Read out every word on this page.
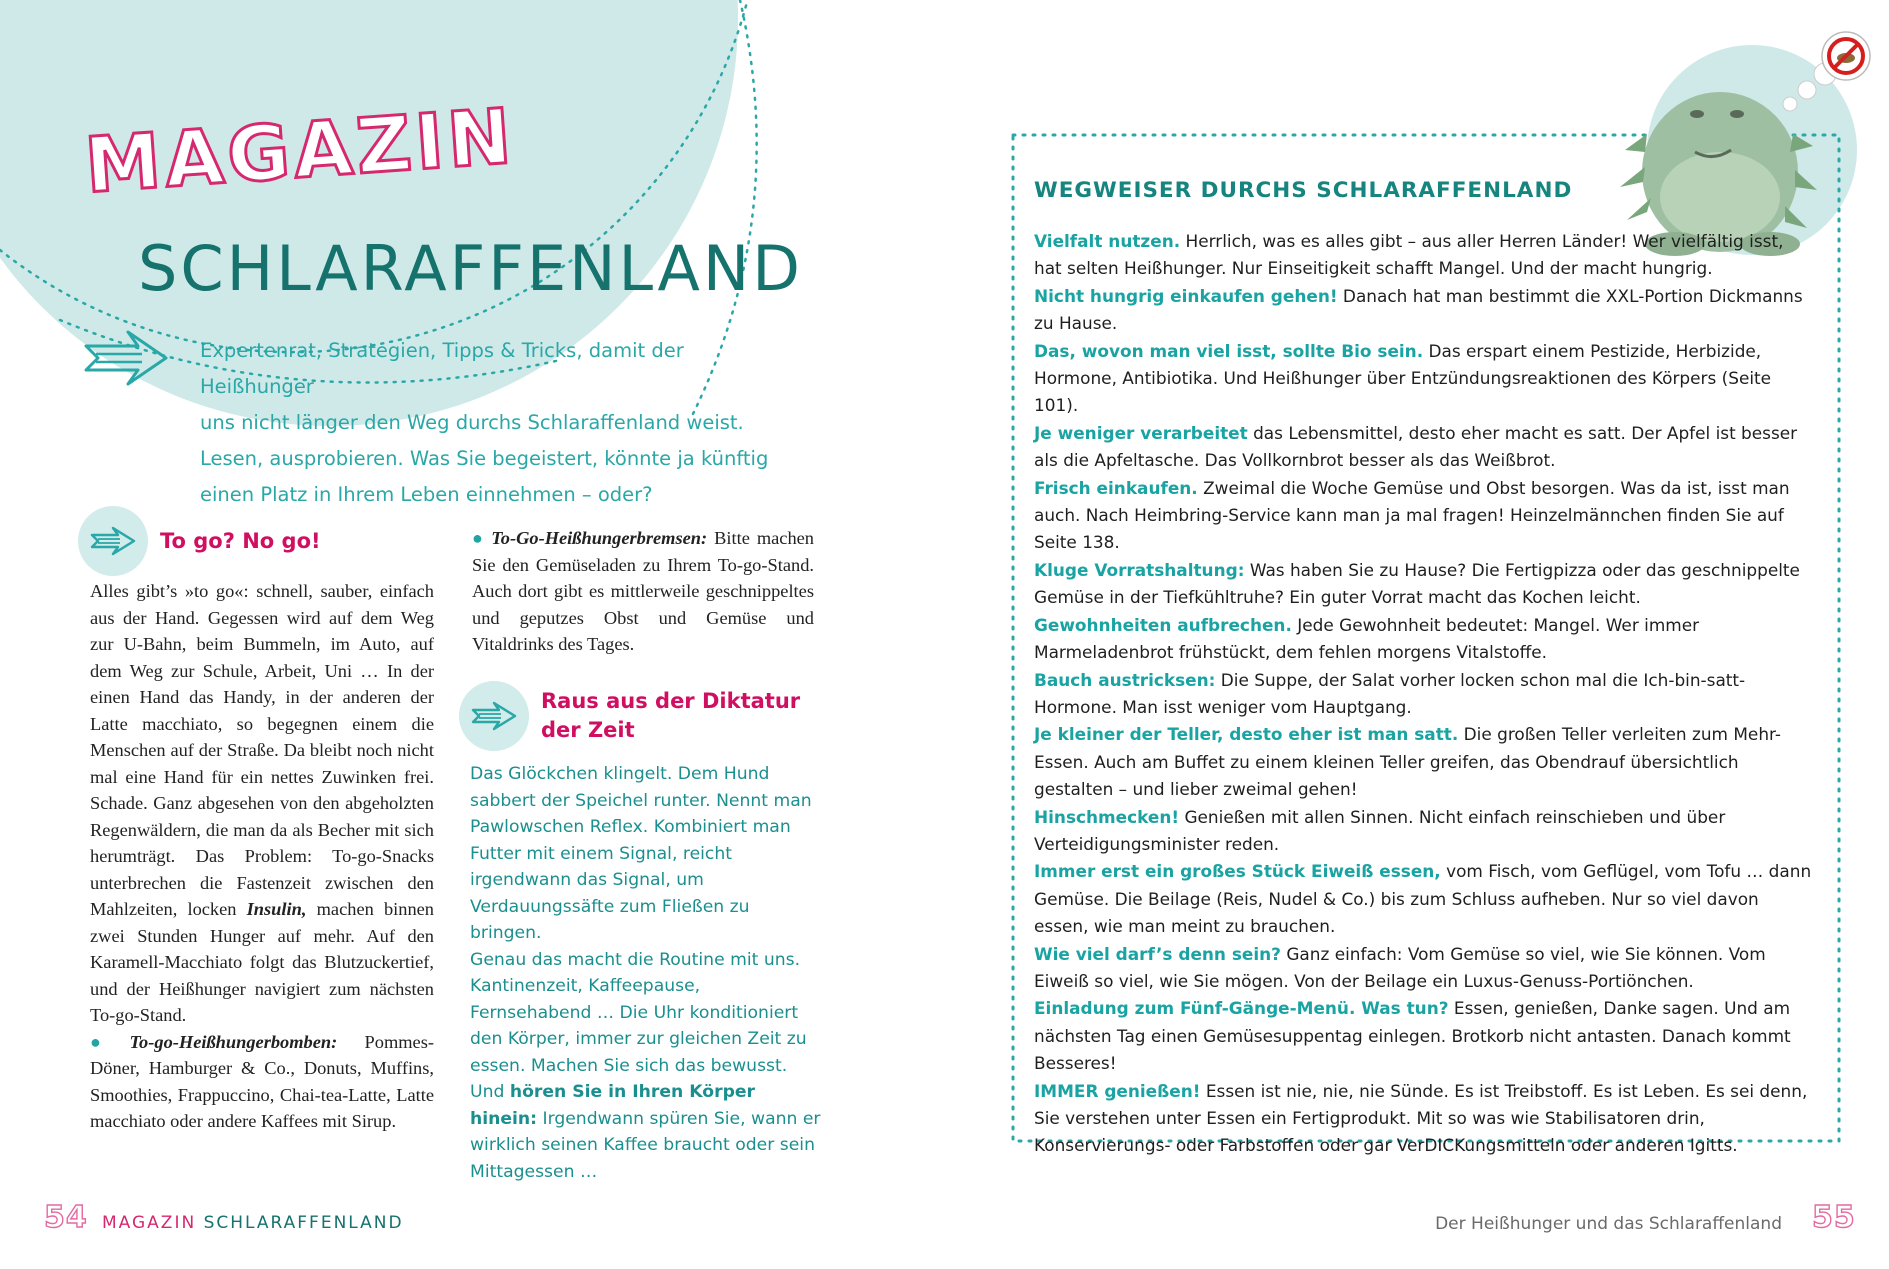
MAGAZIN
SCHLARAFFENLAND
Expertenrat, Strategien, Tipps & Tricks, damit der Heißhunger
uns nicht länger den Weg durchs Schlaraffenland weist.
Lesen, ausprobieren. Was Sie begeistert, könnte ja künftig
einen Platz in Ihrem Leben einnehmen – oder?
To go? No go!

Alles gibt’s »to go«: schnell, sauber, einfach aus der Hand. Gegessen wird auf dem Weg zur U-Bahn, beim Bummeln, im Auto, auf dem Weg zur Schule, Arbeit, Uni … In der einen Hand das Handy, in der anderen der Latte macchiato, so begegnen einem die Menschen auf der Straße. Da bleibt noch nicht mal eine Hand für ein nettes Zuwinken frei. Schade. Ganz abgesehen von den abgeholzten Regenwäldern, die man da als Becher mit sich herumträgt. Das Problem: To-go-Snacks unterbrechen die Fastenzeit zwischen den Mahlzeiten, locken Insulin, machen binnen zwei Stunden Hunger auf mehr. Auf den Karamell-Macchiato folgt das Blutzuckertief, und der Heißhunger navigiert zum nächsten To-go-Stand.

● To-go-Heißhungerbomben: Pommes-Döner, Hamburger & Co., Donuts, Muffins, Smoothies, Frappuccino, Chai-tea-Latte, Latte macchiato oder andere Kaffees mit Sirup.

● To-Go-Heißhungerbremsen: Bitte machen Sie den Gemüseladen zu Ihrem To-go-Stand. Auch dort gibt es mittlerweile geschnippeltes und geputzes Obst und Gemüse und Vitaldrinks des Tages.

Raus aus der Diktatur
der Zeit
Das Glöckchen klingelt. Dem Hund sabbert der Speichel runter. Nennt man Pawlowschen Reflex. Kombiniert man Futter mit einem Signal, reicht irgendwann das Signal, um Verdauungssäfte zum Fließen zu bringen.
Genau das macht die Routine mit uns. Kantinenzeit, Kaffeepause, Fernsehabend … Die Uhr konditioniert den Körper, immer zur gleichen Zeit zu essen. Machen Sie sich das bewusst.
Und hören Sie in Ihren Körper hinein: Irgendwann spüren Sie, wann er wirklich seinen Kaffee braucht oder sein Mittagessen …
WEGWEISER DURCHS SCHLARAFFENLAND

Vielfalt nutzen. Herrlich, was es alles gibt – aus aller Herren Länder! Wer vielfältig isst, hat selten Heißhunger. Nur Einseitigkeit schafft Mangel. Und der macht hungrig.

Nicht hungrig einkaufen gehen! Danach hat man bestimmt die XXL-Portion Dickmanns zu Hause.

Das, wovon man viel isst, sollte Bio sein. Das erspart einem Pestizide, Herbizide, Hormone, Antibiotika. Und Heißhunger über Entzündungsreaktionen des Körpers (Seite 101).

Je weniger verarbeitet das Lebensmittel, desto eher macht es satt. Der Apfel ist besser als die Apfeltasche. Das Vollkornbrot besser als das Weißbrot.

Frisch einkaufen. Zweimal die Woche Gemüse und Obst besorgen. Was da ist, isst man auch. Nach Heimbring-Service kann man ja mal fragen! Heinzelmännchen finden Sie auf Seite 138.

Kluge Vorratshaltung: Was haben Sie zu Hause? Die Fertigpizza oder das geschnippelte Gemüse in der Tiefkühltruhe? Ein guter Vorrat macht das Kochen leicht.

Gewohnheiten aufbrechen. Jede Gewohnheit bedeutet: Mangel. Wer immer Marmeladenbrot frühstückt, dem fehlen morgens Vitalstoffe.

Bauch austricksen: Die Suppe, der Salat vorher locken schon mal die Ich-bin-satt-Hormone. Man isst weniger vom Hauptgang.

Je kleiner der Teller, desto eher ist man satt. Die großen Teller verleiten zum Mehr-Essen. Auch am Buffet zu einem kleinen Teller greifen, das Obendrauf übersichtlich gestalten – und lieber zweimal gehen!

Hinschmecken! Genießen mit allen Sinnen. Nicht einfach reinschieben und über Verteidigungsminister reden.

Immer erst ein großes Stück Eiweiß essen, vom Fisch, vom Geflügel, vom Tofu … dann Gemüse. Die Beilage (Reis, Nudel & Co.) bis zum Schluss aufheben. Nur so viel davon essen, wie man meint zu brauchen.

Wie viel darf’s denn sein? Ganz einfach: Vom Gemüse so viel, wie Sie können. Vom Eiweiß so viel, wie Sie mögen. Von der Beilage ein Luxus-Genuss-Portiönchen.

Einladung zum Fünf-Gänge-Menü. Was tun? Essen, genießen, Danke sagen. Und am nächsten Tag einen Gemüsesuppentag einlegen. Brotkorb nicht antasten. Danach kommt Besseres!

IMMER genießen! Essen ist nie, nie, nie Sünde. Es ist Treibstoff. Es ist Leben. Es sei denn, Sie verstehen unter Essen ein Fertigprodukt. Mit so was wie Stabilisatoren drin, Konservierungs- oder Farbstoffen oder gar VerDICKungsmitteln oder anderen Igitts.

54 MAGAZIN SCHLARAFFENLAND	Der Heißhunger und das Schlaraffenland 55
